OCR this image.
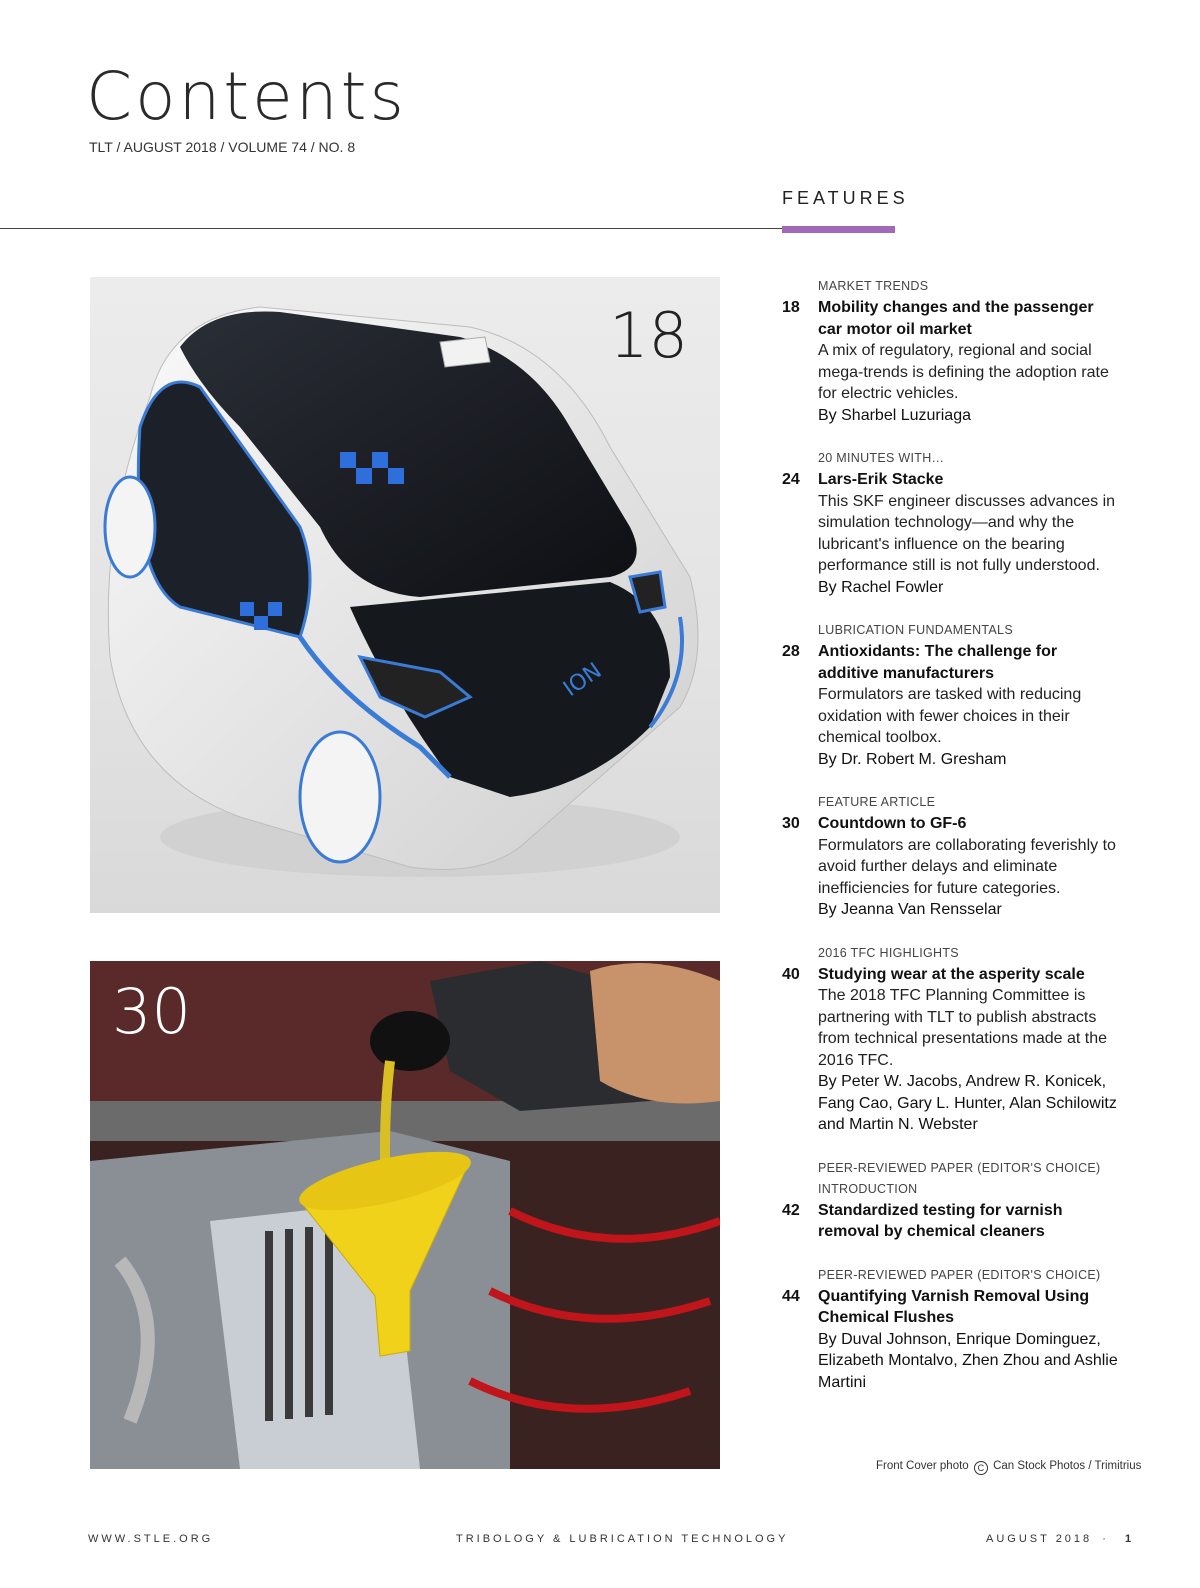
Contents
TLT / AUGUST 2018 / VOLUME 74 / NO. 8
FEATURES
ION
18
30
MARKET TRENDS
18 Mobility changes and the passenger car motor oil market
A mix of regulatory, regional and social mega-trends is defining the adoption rate for electric vehicles.
By Sharbel Luzuriaga
20 MINUTES WITH…
24 Lars-Erik Stacke
This SKF engineer discusses advances in simulation technology—and why the lubricant's influence on the bearing performance still is not fully understood.
By Rachel Fowler
LUBRICATION FUNDAMENTALS
28 Antioxidants: The challenge for additive manufacturers
Formulators are tasked with reducing oxidation with fewer choices in their chemical toolbox.
By Dr. Robert M. Gresham
FEATURE ARTICLE
30 Countdown to GF-6
Formulators are collaborating feverishly to avoid further delays and eliminate inefficiencies for future categories.
By Jeanna Van Rensselar
2016 TFC HIGHLIGHTS
40 Studying wear at the asperity scale
The 2018 TFC Planning Committee is partnering with TLT to publish abstracts from technical presentations made at the 2016 TFC.
By Peter W. Jacobs, Andrew R. Konicek, Fang Cao, Gary L. Hunter, Alan Schilowitz and Martin N. Webster
PEER-REVIEWED PAPER (EDITOR'S CHOICE) INTRODUCTION
42 Standardized testing for varnish removal by chemical cleaners
PEER-REVIEWED PAPER (EDITOR'S CHOICE)
44 Quantifying Varnish Removal Using Chemical Flushes
By Duval Johnson, Enrique Dominguez, Elizabeth Montalvo, Zhen Zhou and Ashlie Martini
Front Cover photo C Can Stock Photos / Trimitrius
WWW.STLE.ORG	TRIBOLOGY & LUBRICATION TECHNOLOGY	AUGUST 2018 · 1
